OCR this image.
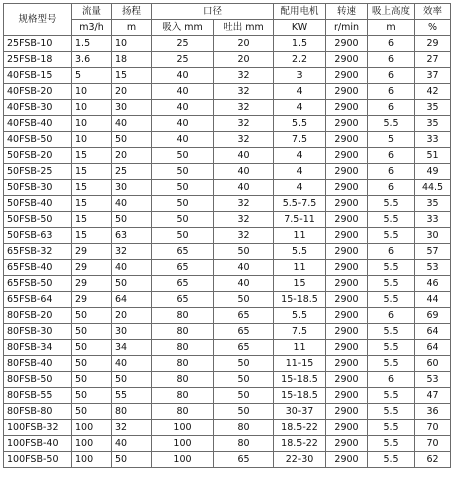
规格型号	流量	扬程	口径		配用电机	转速	吸上高度	效率
	m3/h	m	吸入 mm	吐出 mm	KW	r/min	m	%
25FSB-10	1.5	10	25	20	1.5	2900	6	29
25FSB-18	3.6	18	25	20	2.2	2900	6	27
40FSB-15	5	15	40	32	3	2900	6	37
40FSB-20	10	20	40	32	4	2900	6	42
40FSB-30	10	30	40	32	4	2900	6	35
40FSB-40	10	40	40	32	5.5	2900	5.5	35
40FSB-50	10	50	40	32	7.5	2900	5	33
50FSB-20	15	20	50	40	4	2900	6	51
50FSB-25	15	25	50	40	4	2900	6	49
50FSB-30	15	30	50	40	4	2900	6	44.5
50FSB-40	15	40	50	32	5.5-7.5	2900	5.5	35
50FSB-50	15	50	50	32	7.5-11	2900	5.5	33
50FSB-63	15	63	50	32	11	2900	5.5	30
65FSB-32	29	32	65	50	5.5	2900	6	57
65FSB-40	29	40	65	40	11	2900	5.5	53
65FSB-50	29	50	65	40	15	2900	5.5	46
65FSB-64	29	64	65	50	15-18.5	2900	5.5	44
80FSB-20	50	20	80	65	5.5	2900	6	69
80FSB-30	50	30	80	65	7.5	2900	5.5	64
80FSB-34	50	34	80	65	11	2900	5.5	64
80FSB-40	50	40	80	50	11-15	2900	5.5	60
80FSB-50	50	50	80	50	15-18.5	2900	6	53
80FSB-55	50	55	80	50	15-18.5	2900	5.5	47
80FSB-80	50	80	80	50	30-37	2900	5.5	36
100FSB-32	100	32	100	80	18.5-22	2900	5.5	70
100FSB-40	100	40	100	80	18.5-22	2900	5.5	70
100FSB-50	100	50	100	65	22-30	2900	5.5	62
